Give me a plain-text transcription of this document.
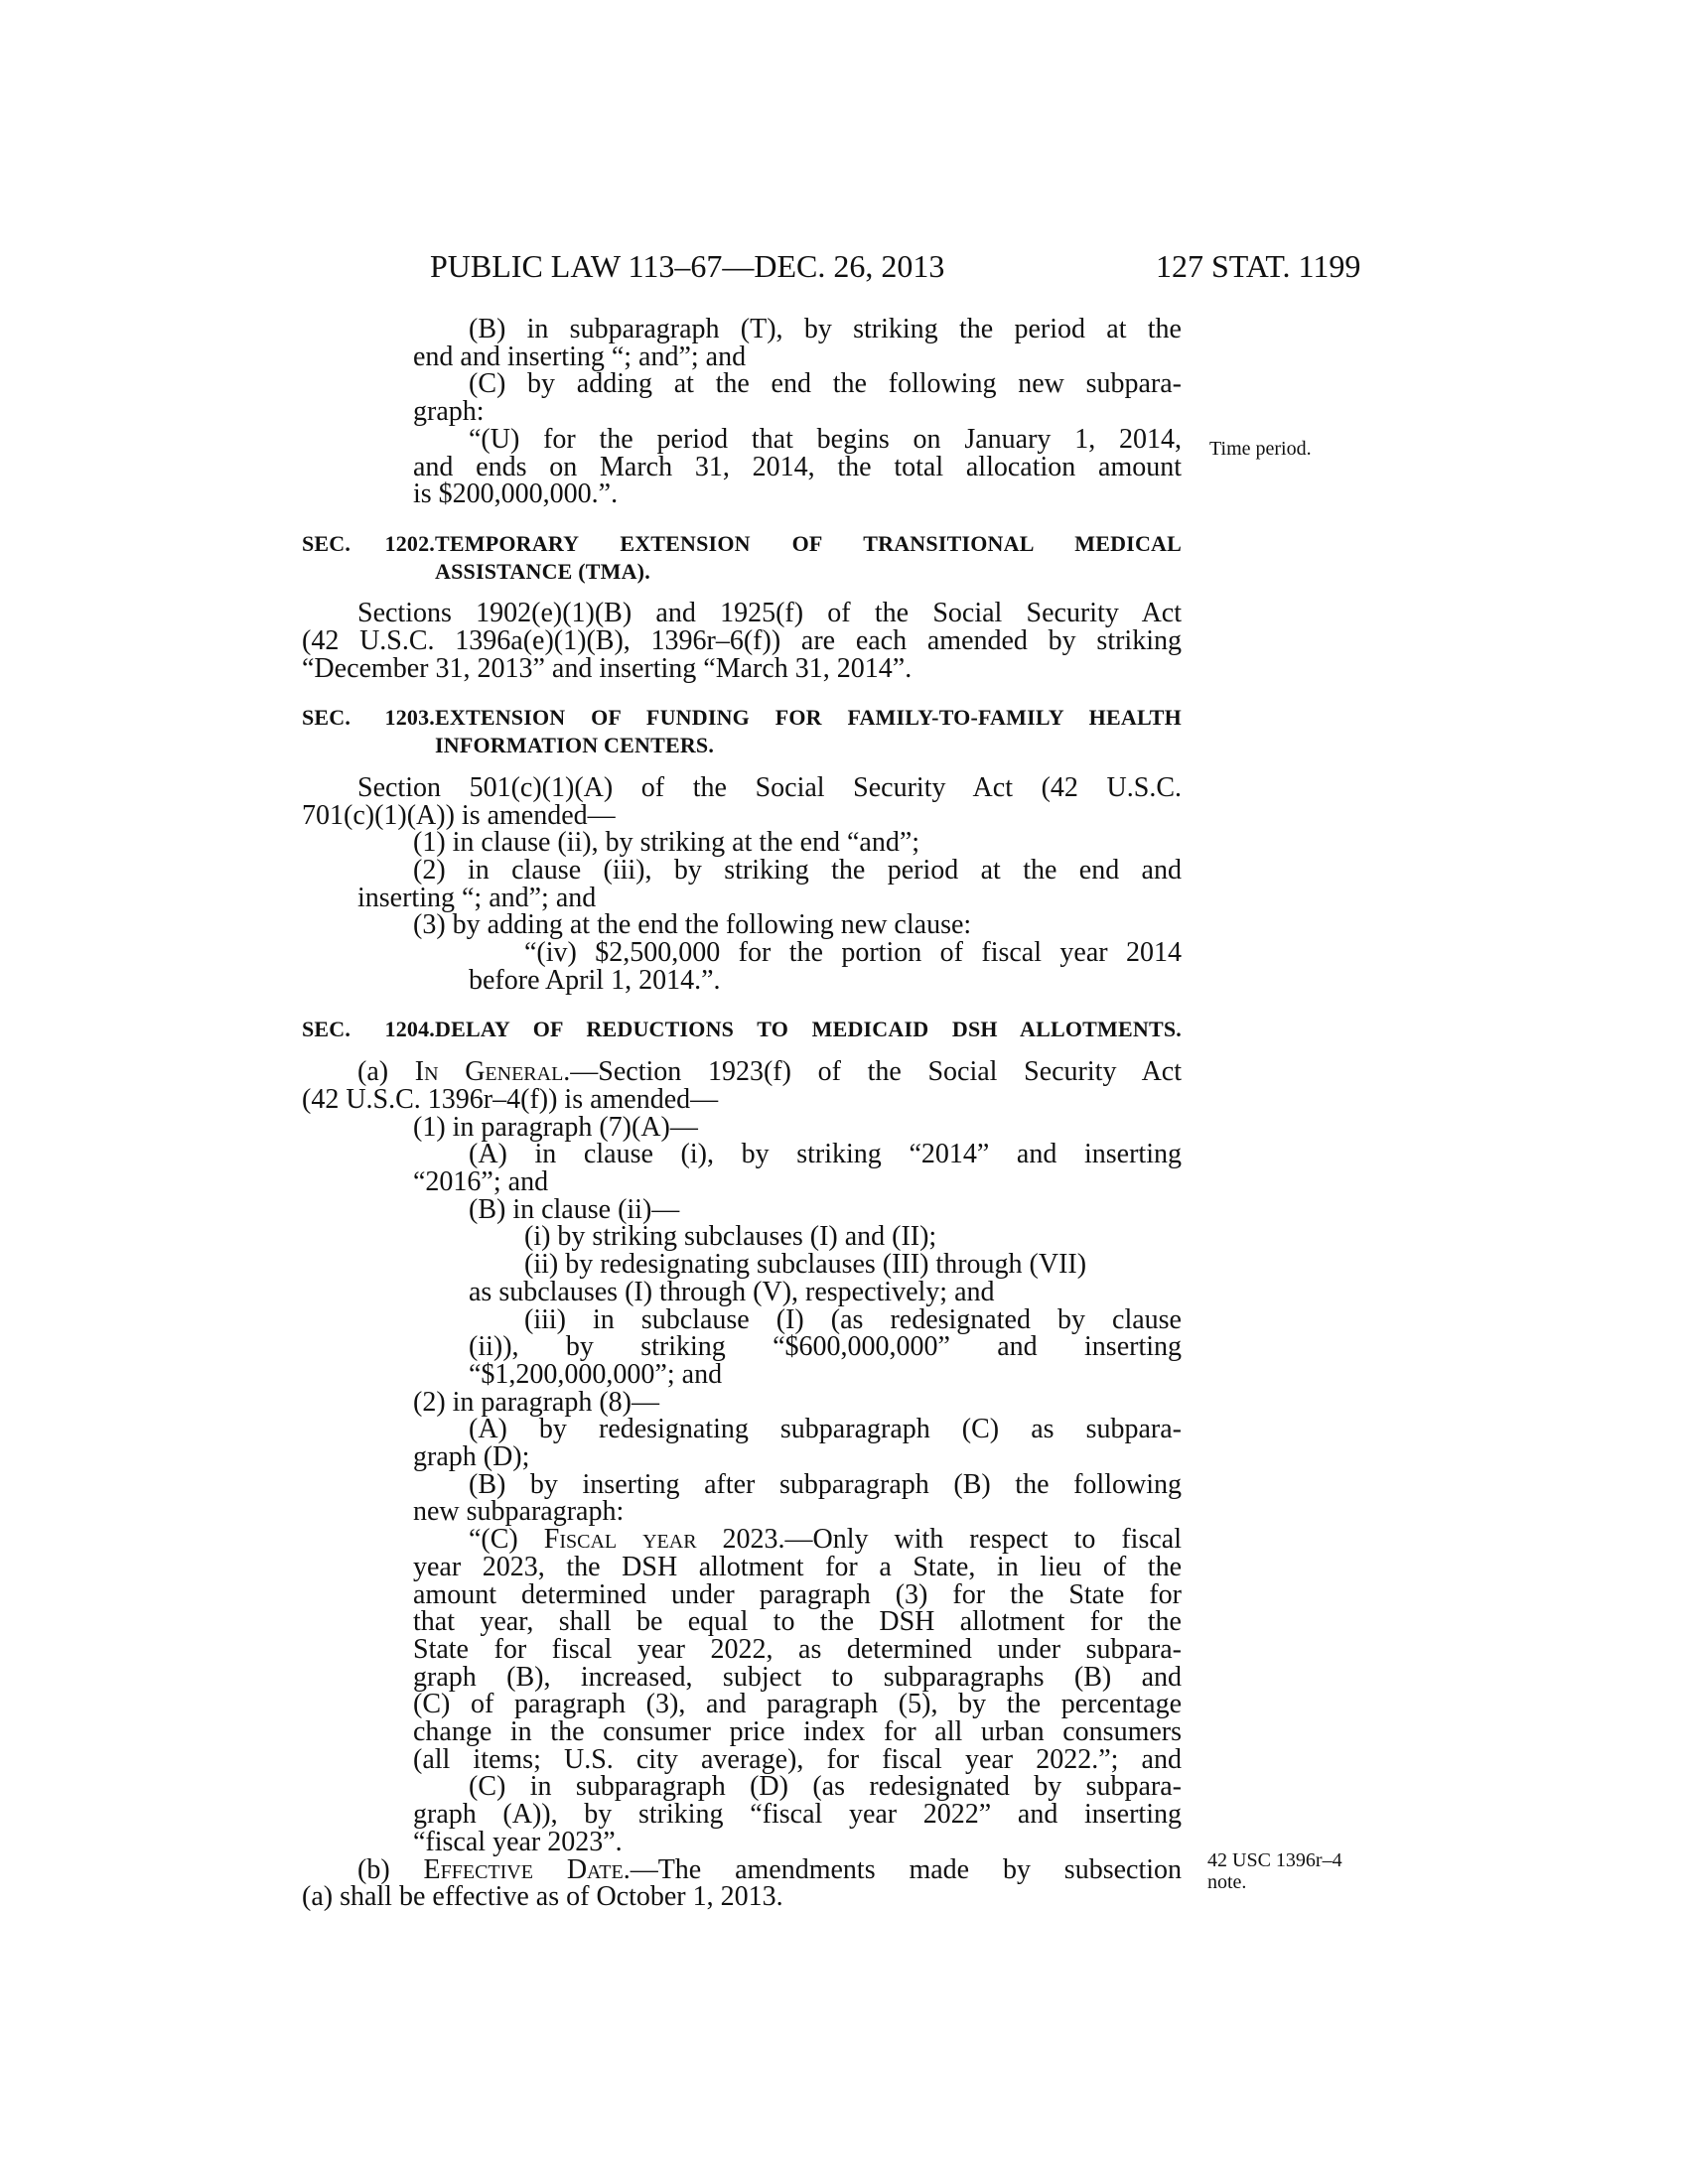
PUBLIC LAW 113–67—DEC. 26, 2013	127 STAT. 1199
Time period.
42 USC 1396r–4
note.
(B) in subparagraph (T), by striking the period at the
end and inserting “; and”; and
(C) by adding at the end the following new subpara-
graph:
“(U) for the period that begins on January 1, 2014,
and ends on March 31, 2014, the total allocation amount
is $200,000,000.”.
SEC. 1202.TEMPORARY EXTENSION OF TRANSITIONAL MEDICAL
ASSISTANCE (TMA).
Sections 1902(e)(1)(B) and 1925(f) of the Social Security Act
(42 U.S.C. 1396a(e)(1)(B), 1396r–6(f)) are each amended by striking
“December 31, 2013” and inserting “March 31, 2014”.
SEC. 1203.EXTENSION OF FUNDING FOR FAMILY-TO-FAMILY HEALTH
INFORMATION CENTERS.
Section 501(c)(1)(A) of the Social Security Act (42 U.S.C.
701(c)(1)(A)) is amended—
(1) in clause (ii), by striking at the end “and”;
(2) in clause (iii), by striking the period at the end and
inserting “; and”; and
(3) by adding at the end the following new clause:
“(iv) $2,500,000 for the portion of fiscal year 2014
before April 1, 2014.”.
SEC. 1204.DELAY OF REDUCTIONS TO MEDICAID DSH ALLOTMENTS.
(a) In General.—Section 1923(f) of the Social Security Act
(42 U.S.C. 1396r–4(f)) is amended—
(1) in paragraph (7)(A)—
(A) in clause (i), by striking “2014” and inserting
“2016”; and
(B) in clause (ii)—
(i) by striking subclauses (I) and (II);
(ii) by redesignating subclauses (III) through (VII)
as subclauses (I) through (V), respectively; and
(iii) in subclause (I) (as redesignated by clause
(ii)), by striking “$600,000,000” and inserting
“$1,200,000,000”; and
(2) in paragraph (8)—
(A) by redesignating subparagraph (C) as subpara-
graph (D);
(B) by inserting after subparagraph (B) the following
new subparagraph:
“(C) Fiscal year 2023.—Only with respect to fiscal
year 2023, the DSH allotment for a State, in lieu of the
amount determined under paragraph (3) for the State for
that year, shall be equal to the DSH allotment for the
State for fiscal year 2022, as determined under subpara-
graph (B), increased, subject to subparagraphs (B) and
(C) of paragraph (3), and paragraph (5), by the percentage
change in the consumer price index for all urban consumers
(all items; U.S. city average), for fiscal year 2022.”; and
(C) in subparagraph (D) (as redesignated by subpara-
graph (A)), by striking “fiscal year 2022” and inserting
“fiscal year 2023”.
(b) Effective Date.—The amendments made by subsection
(a) shall be effective as of October 1, 2013.
